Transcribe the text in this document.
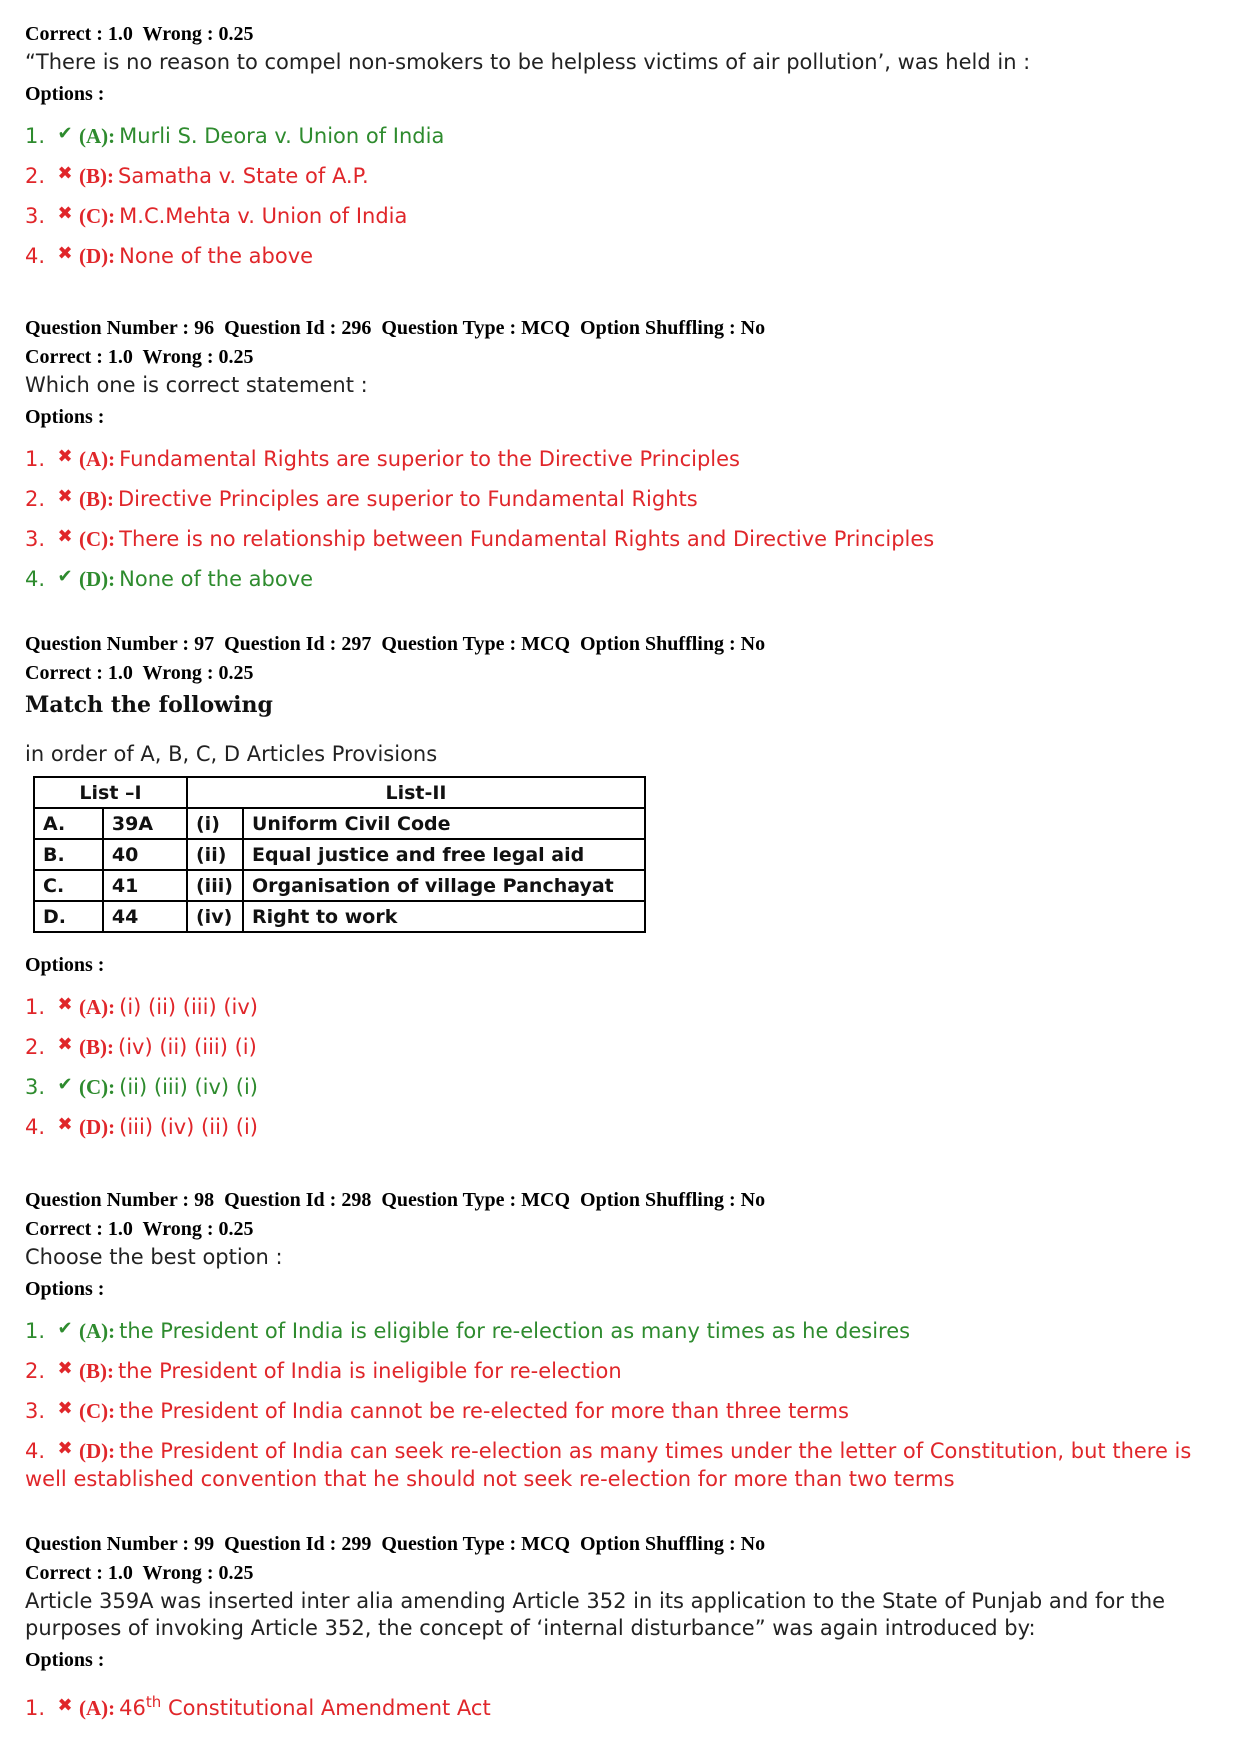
Correct : 1.0  Wrong : 0.25
“There is no reason to compel non-smokers to be helpless victims of air pollution’, was held in :
Options :
1. ✔ (A): Murli S. Deora v. Union of India
2. ✖ (B): Samatha v. State of A.P.
3. ✖ (C): M.C.Mehta v. Union of India
4. ✖ (D): None of the above
Question Number : 96  Question Id : 296  Question Type : MCQ  Option Shuffling : No
Correct : 1.0  Wrong : 0.25
Which one is correct statement :
Options :
1. ✖ (A): Fundamental Rights are superior to the Directive Principles
2. ✖ (B): Directive Principles are superior to Fundamental Rights
3. ✖ (C): There is no relationship between Fundamental Rights and Directive Principles
4. ✔ (D): None of the above
Question Number : 97  Question Id : 297  Question Type : MCQ  Option Shuffling : No
Correct : 1.0  Wrong : 0.25
Match the following
in order of A, B, C, D Articles Provisions
List –I		List-II	
A.	39A	(i)	Uniform Civil Code
B.	40	(ii)	Equal justice and free legal aid
C.	41	(iii)	Organisation of village Panchayat
D.	44	(iv)	Right to work
Options :
1. ✖ (A): (i) (ii) (iii) (iv)
2. ✖ (B): (iv) (ii) (iii) (i)
3. ✔ (C): (ii) (iii) (iv) (i)
4. ✖ (D): (iii) (iv) (ii) (i)
Question Number : 98  Question Id : 298  Question Type : MCQ  Option Shuffling : No
Correct : 1.0  Wrong : 0.25
Choose the best option :
Options :
1. ✔ (A): the President of India is eligible for re-election as many times as he desires
2. ✖ (B): the President of India is ineligible for re-election
3. ✖ (C): the President of India cannot be re-elected for more than three terms
4. ✖ (D): the President of India can seek re-election as many times under the letter of Constitution, but there is well established convention that he should not seek re-election for more than two terms
Question Number : 99  Question Id : 299  Question Type : MCQ  Option Shuffling : No
Correct : 1.0  Wrong : 0.25
Article 359A was inserted inter alia amending Article 352 in its application to the State of Punjab and for the purposes of invoking Article 352, the concept of ‘internal disturbance” was again introduced by:
Options :
1. ✖ (A): 46th Constitutional Amendment Act
